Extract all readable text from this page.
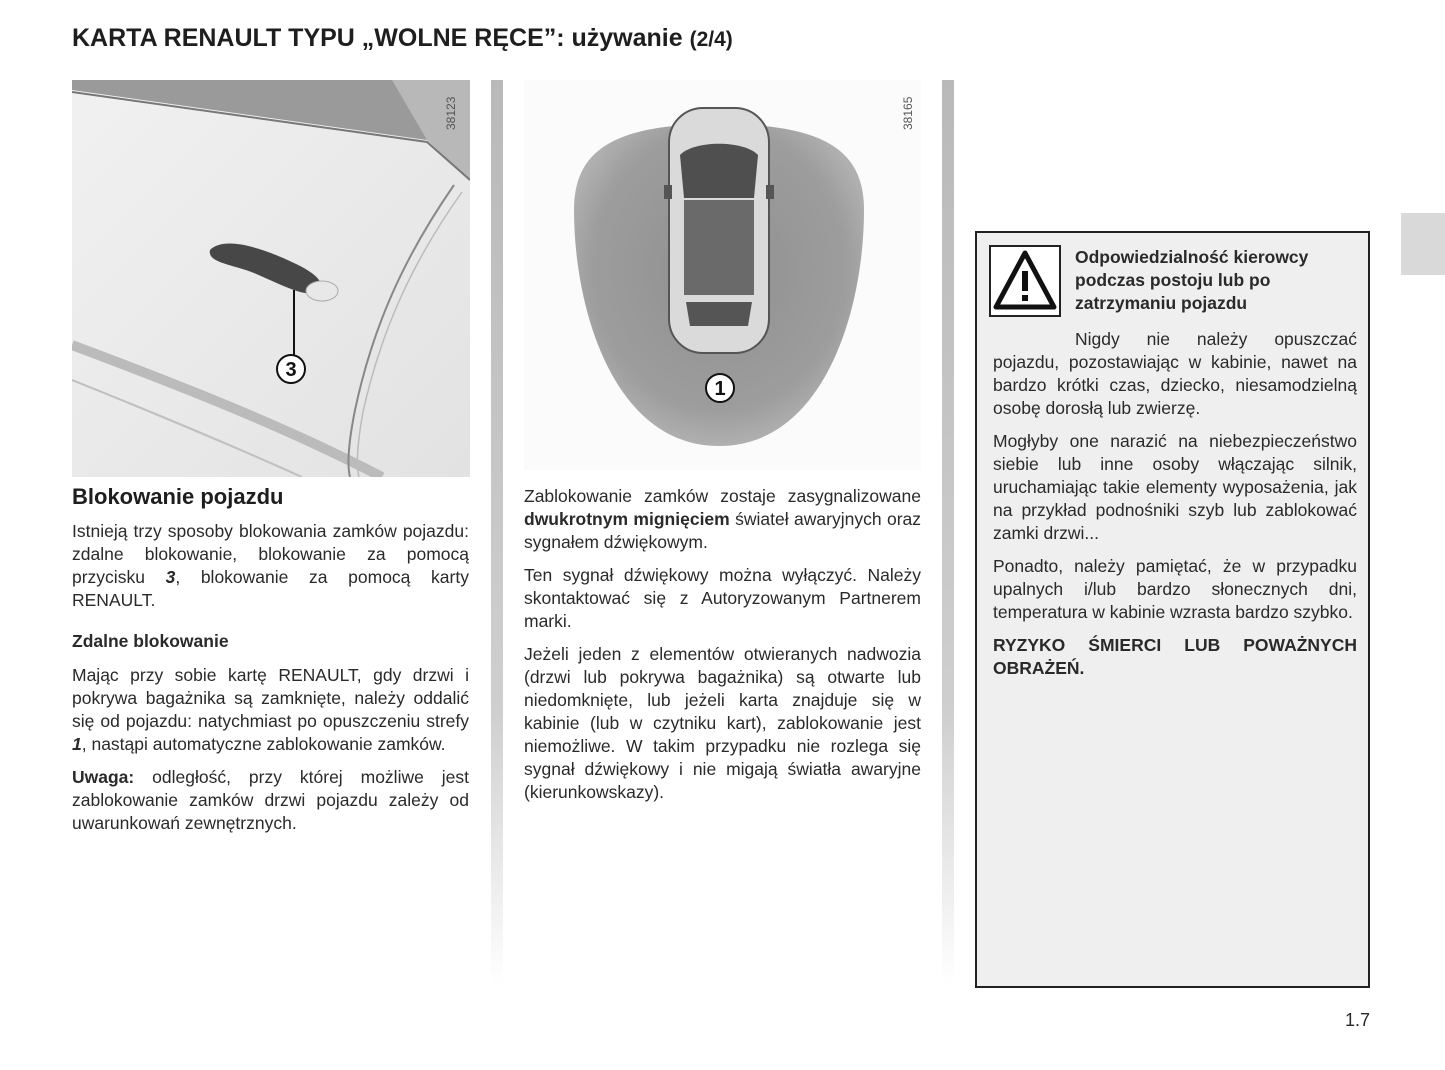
KARTA RENAULT TYPU „WOLNE RĘCE”: używanie (2/4)
3
38123
Blokowanie pojazdu

Istnieją trzy sposoby blokowania zamków pojazdu: zdalne blokowanie, blokowanie za pomocą przycisku 3, blokowanie za pomocą karty RENAULT.

Zdalne blokowanie

Mając przy sobie kartę RENAULT, gdy drzwi i pokrywa bagażnika są zamknięte, należy oddalić się od pojazdu: natychmiast po opuszczeniu strefy 1, nastąpi automatyczne zablokowanie zamków.

Uwaga: odległość, przy której możliwe jest zablokowanie zamków drzwi pojazdu zależy od uwarunkowań zewnętrznych.

1
38165

Zablokowanie zamków zostaje zasygnalizowane dwukrotnym mignięciem świateł awaryjnych oraz sygnałem dźwiękowym.

Ten sygnał dźwiękowy można wyłączyć. Należy skontaktować się z Autoryzowanym Partnerem marki.

Jeżeli jeden z elementów otwieranych nadwozia (drzwi lub pokrywa bagażnika) są otwarte lub niedomknięte, lub jeżeli karta znajduje się w kabinie (lub w czytniku kart), zablokowanie jest niemożliwe. W takim przypadku nie rozlega się sygnał dźwiękowy i nie migają światła awaryjne (kierunkowskazy).

Odpowiedzialność kierowcy podczas postoju lub po zatrzymaniu pojazdu

Nigdy nie należy opuszczać pojazdu, pozostawiając w kabinie, nawet na bardzo krótki czas, dziecko, niesamodzielną osobę dorosłą lub zwierzę.

Mogłyby one narazić na niebezpieczeństwo siebie lub inne osoby włączając silnik, uruchamiając takie elementy wyposażenia, jak na przykład podnośniki szyb lub zablokować zamki drzwi...

Ponadto, należy pamiętać, że w przypadku upalnych i/lub bardzo słonecznych dni, temperatura w kabinie wzrasta bardzo szybko.

RYZYKO ŚMIERCI LUB POWAŻNYCH OBRAŻEŃ.

1.7
